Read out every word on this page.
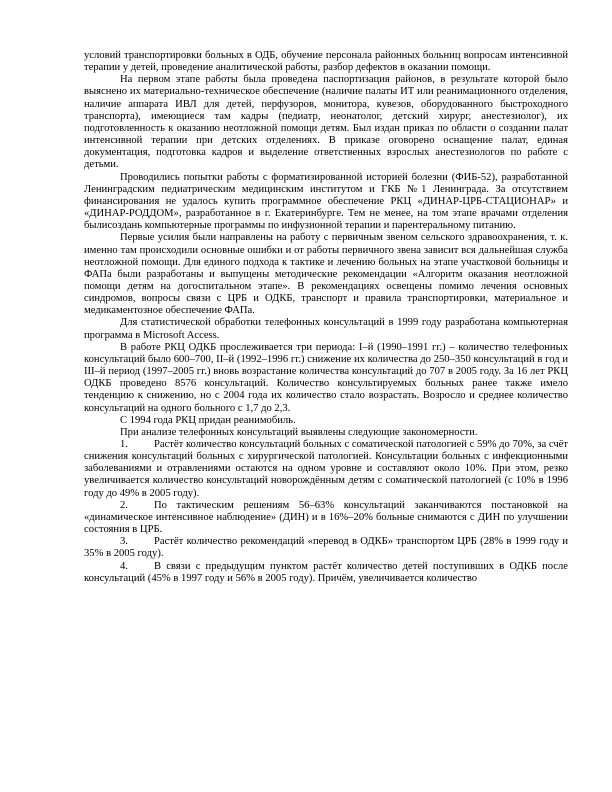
условий транспортировки больных в ОДБ, обучение персонала районных больниц вопросам интенсивной терапии у детей, проведение аналитической работы, разбор дефектов в оказании помощи.

На первом этапе работы была проведена паспортизация районов, в результате которой было выяснено их материально-техническое обеспечение (наличие палаты ИТ или реанимационного отделения, наличие аппарата ИВЛ для детей, перфузоров, монитора, кувезов, оборудованного быстроходного транспорта), имеющиеся там кадры (педиатр, неонатолог, детский хирург, анестезиолог), их подготовленность к оказанию неотложной помощи детям. Был издан приказ по области о создании палат интенсивной терапии при детских отделениях. В приказе оговорено оснащение палат, единая документация, подготовка кадров и выделение ответственных взрослых анестезиологов по работе с детьми.

Проводились попытки работы с форматизированной историей болезни (ФИБ-52), разработанной Ленинградским педиатрическим медицинским институтом и ГКБ №1 Ленинграда. За отсутствием финансирования не удалось купить программное обеспечение РКЦ «ДИНАР-ЦРБ-СТАЦИОНАР» и «ДИНАР-РОДДОМ», разработанное в г. Екатеринбурге. Тем не менее, на том этапе врачами отделения былисоздань компьютерные программы по инфузионной терапии и парентеральному питанию.

Первые усилия были направлены на работу с первичным звеном сельского здравоохранения, т. к. именно там происходили основные ошибки и от работы первичного звена зависит вся дальнейшая служба неотложной помощи. Для единого подхода к тактике и лечению больных на этапе участковой больницы и ФАПа были разработаны и выпущены методические рекомендации «Алгоритм оказания неотложной помощи детям на догоспитальном этапе». В рекомендациях освещены помимо лечения основных синдромов, вопросы связи с ЦРБ и ОДКБ, транспорт и правила транспортировки, материальное и медикаментозное обеспечение ФАПа.

Для статистической обработки телефонных консультаций в 1999 году разработана компьютерная программа в Microsoft Access.

В работе РКЦ ОДКБ прослеживается три периода: I–й (1990–1991 гг.) – количество телефонных консультаций было 600–700, II–й (1992–1996 гг.) снижение их количества до 250–350 консультаций в год и III–й период (1997–2005 гг.) вновь возрастание количества консультаций до 707 в 2005 году. За 16 лет РКЦ ОДКБ проведено 8576 консультаций. Количество консультируемых больных ранее также имело тенденцию к снижению, но с 2004 года их количество стало возрастать. Возросло и среднее количество консультаций на одного больного с 1,7 до 2,3.

С 1994 года РКЦ придан реанимобиль.

При анализе телефонных консультаций выявлены следующие закономерности.

1. Растёт количество консультаций больных с соматической патологией с 59% до 70%, за счёт снижения консультаций больных с хирургической патологией. Консультации больных с инфекционными заболеваниями и отравлениями остаются на одном уровне и составляют около 10%. При этом, резко увеличивается количество консультаций новорождённым детям с соматической патологией (с 10% в 1996 году до 49% в 2005 году).

2. По тактическим решениям 56–63% консультаций заканчиваются постановкой на «динамическое интенсивное наблюдение» (ДИН) и в 16%–20% больные снимаются с ДИН по улучшении состояния в ЦРБ.

3. Растёт количество рекомендаций «перевод в ОДКБ» транспортом ЦРБ (28% в 1999 году и 35% в 2005 году).

4. В связи с предыдущим пунктом растёт количество детей поступивших в ОДКБ после консультаций (45% в 1997 году и 56% в 2005 году). Причём, увеличивается количество
